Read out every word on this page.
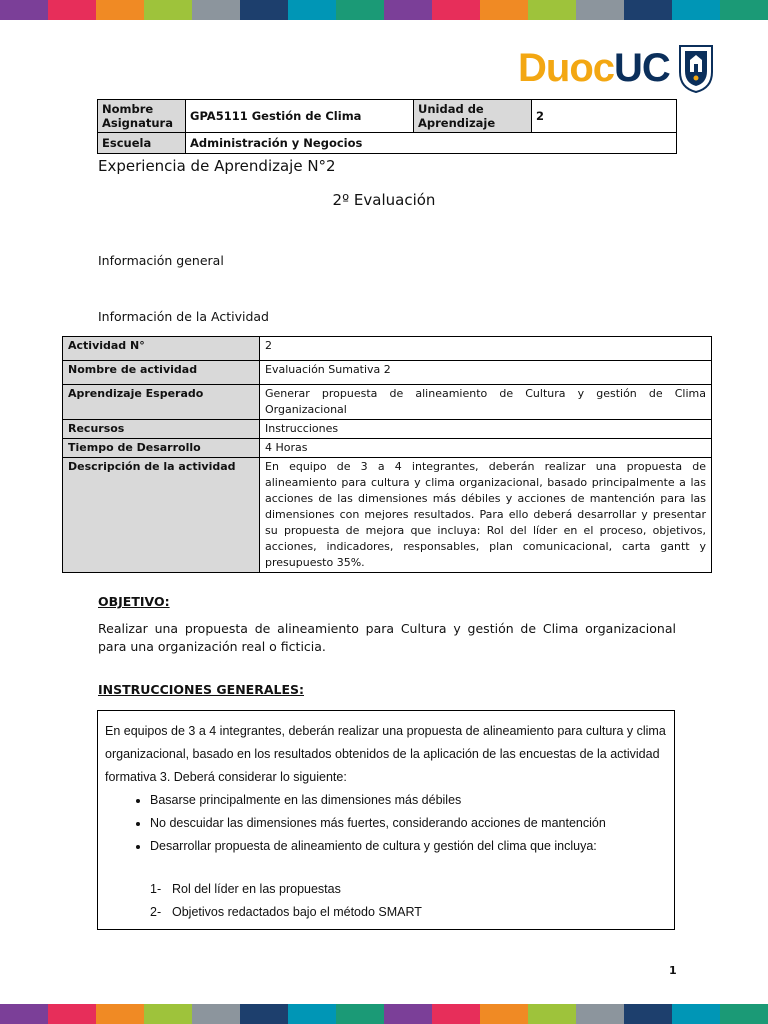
DuocUC
Nombre Asignatura	GPA5111 Gestión de Clima	Unidad de Aprendizaje	2
Escuela	Administración y Negocios		
Experiencia de Aprendizaje N°2
2º Evaluación
Información general
Información de la Actividad
Actividad N°	2
Nombre de actividad	Evaluación Sumativa 2
Aprendizaje Esperado	Generar propuesta de alineamiento de Cultura y gestión de Clima Organizacional
Recursos	Instrucciones
Tiempo de Desarrollo	4 Horas
Descripción de la actividad	En equipo de 3 a 4 integrantes, deberán realizar una propuesta de alineamiento para cultura y clima organizacional, basado principalmente a las acciones de las dimensiones más débiles y acciones de mantención para las dimensiones con mejores resultados. Para ello deberá desarrollar y presentar su propuesta de mejora que incluya: Rol del líder en el proceso, objetivos, acciones, indicadores, responsables, plan comunicacional, carta gantt y presupuesto 35%.
OBJETIVO:
Realizar una propuesta de alineamiento para Cultura y gestión de Clima organizacional para una organización real o ficticia.
INSTRUCCIONES GENERALES:

En equipos de 3 a 4 integrantes, deberán realizar una propuesta de alineamiento para cultura y clima organizacional, basado en los resultados obtenidos de la aplicación de las encuestas de la actividad formativa 3. Deberá considerar lo siguiente:

• Basarse principalmente en las dimensiones más débiles
• No descuidar las dimensiones más fuertes, considerando acciones de mantención
• Desarrollar propuesta de alineamiento de cultura y gestión del clima que incluya:
1- Rol del líder en las propuestas
2- Objetivos redactados bajo el método SMART
1
